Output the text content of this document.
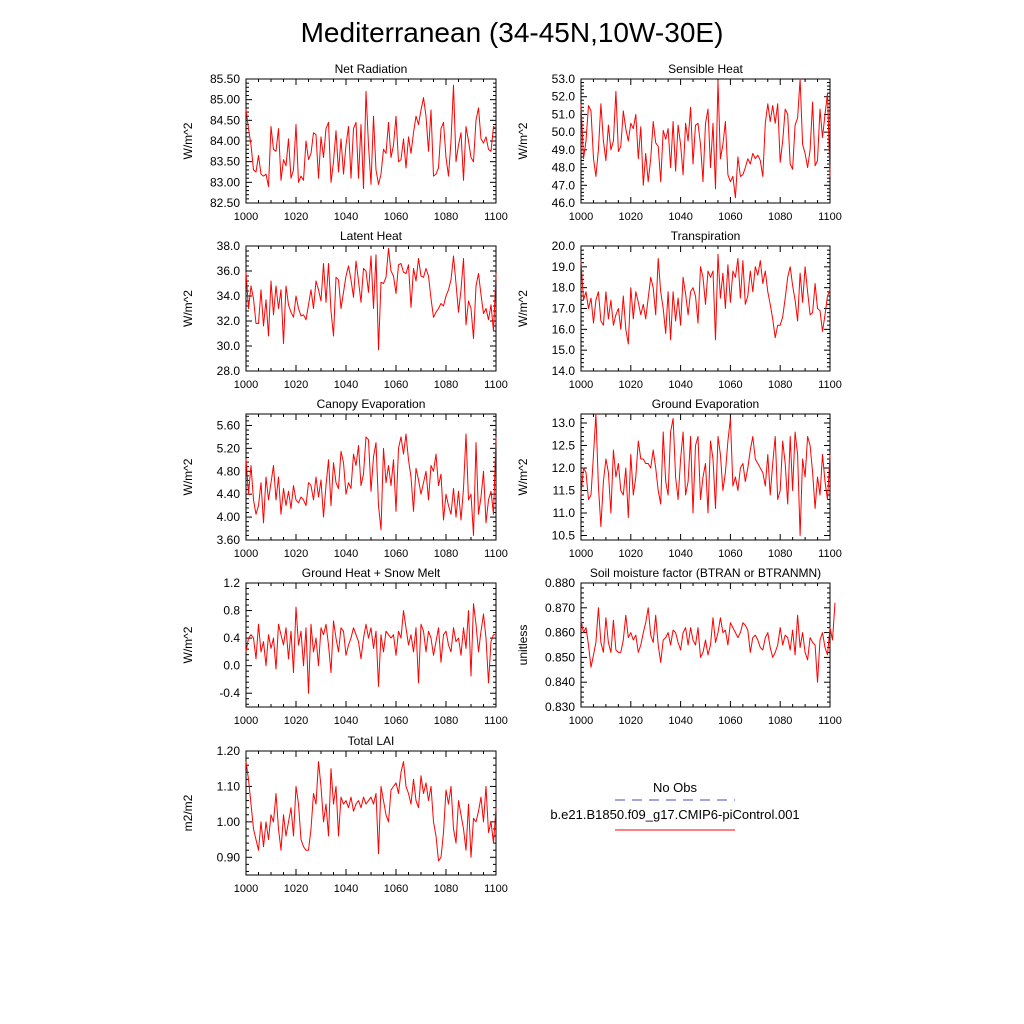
Mediterranean (34-45N,10W-30E)
Net Radiation
W/m^2
1000 1020 1040 1060 1080 1100
82.50
83.00
83.50
84.00
84.50
85.00
85.50
Sensible Heat
W/m^2
1000 1020 1040 1060 1080 1100
46.0
47.0
48.0
49.0
50.0
51.0
52.0
53.0
Latent Heat
W/m^2
1000 1020 1040 1060 1080 1100
28.0
30.0
32.0
34.0
36.0
38.0
Transpiration
W/m^2
1000 1020 1040 1060 1080 1100
14.0
15.0
16.0
17.0
18.0
19.0
20.0
Canopy Evaporation
W/m^2
1000 1020 1040 1060 1080 1100
3.60
4.00
4.40
4.80
5.20
5.60
Ground Evaporation
W/m^2
1000 1020 1040 1060 1080 1100
10.5
11.0
11.5
12.0
12.5
13.0
Ground Heat + Snow Melt
W/m^2
1000 1020 1040 1060 1080 1100
-0.4
0.0
0.4
0.8
1.2
Soil moisture factor (BTRAN or BTRANMN)
unitless
1000 1020 1040 1060 1080 1100
0.830
0.840
0.850
0.860
0.870
0.880
Total LAI
m2/m2
1000 1020 1040 1060 1080 1100
0.90
1.00
1.10
1.20
No Obs
b.e21.B1850.f09_g17.CMIP6-piControl.001
